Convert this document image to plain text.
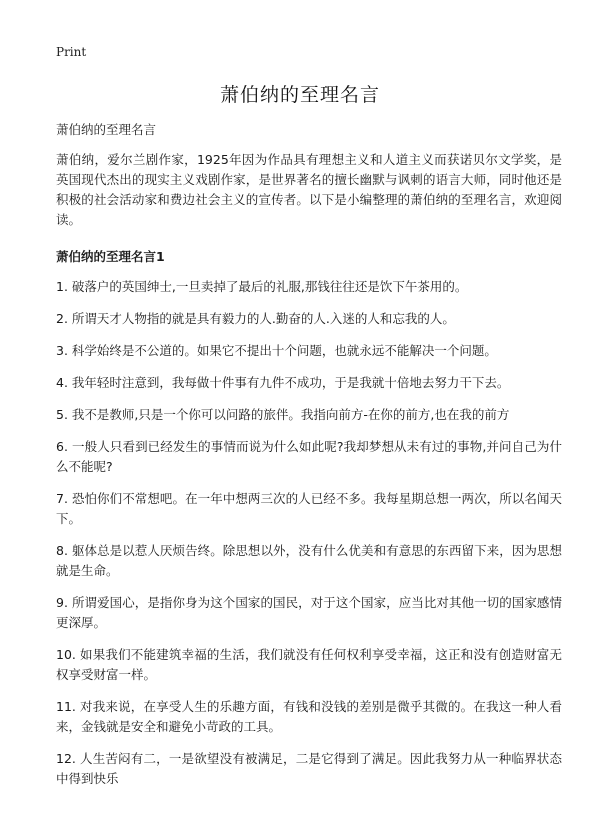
Print
萧伯纳的至理名言

萧伯纳的至理名言

萧伯纳，爱尔兰剧作家，1925年因为作品具有理想主义和人道主义而获诺贝尔文学奖，是英国现代杰出的现实主义戏剧作家，是世界著名的擅长幽默与讽刺的语言大师，同时他还是积极的社会活动家和费边社会主义的宣传者。以下是小编整理的萧伯纳的至理名言，欢迎阅读。

萧伯纳的至理名言1
1. 破落户的英国绅士,一旦卖掉了最后的礼服,那钱往往还是饮下午茶用的。
2. 所谓天才人物指的就是具有毅力的人.勤奋的人.入迷的人和忘我的人。
3. 科学始终是不公道的。如果它不提出十个问题，也就永远不能解决一个问题。
4. 我年轻时注意到，我每做十件事有九件不成功，于是我就十倍地去努力干下去。
5. 我不是教师,只是一个你可以问路的旅伴。我指向前方-在你的前方,也在我的前方
6. 一般人只看到已经发生的事情而说为什么如此呢?我却梦想从未有过的事物,并问自己为什么不能呢?
7. 恐怕你们不常想吧。在一年中想两三次的人已经不多。我每星期总想一两次，所以名闻天下。
8. 躯体总是以惹人厌烦告终。除思想以外，没有什么优美和有意思的东西留下来，因为思想就是生命。
9. 所谓爱国心，是指你身为这个国家的国民，对于这个国家，应当比对其他一切的国家感情更深厚。
10. 如果我们不能建筑幸福的生活，我们就没有任何权利享受幸福，这正和没有创造财富无权享受财富一样。
11. 对我来说，在享受人生的乐趣方面，有钱和没钱的差别是微乎其微的。在我这一种人看来，金钱就是安全和避免小苛政的工具。
12. 人生苦闷有二，一是欲望没有被满足，二是它得到了满足。因此我努力从一种临界状态中得到快乐
